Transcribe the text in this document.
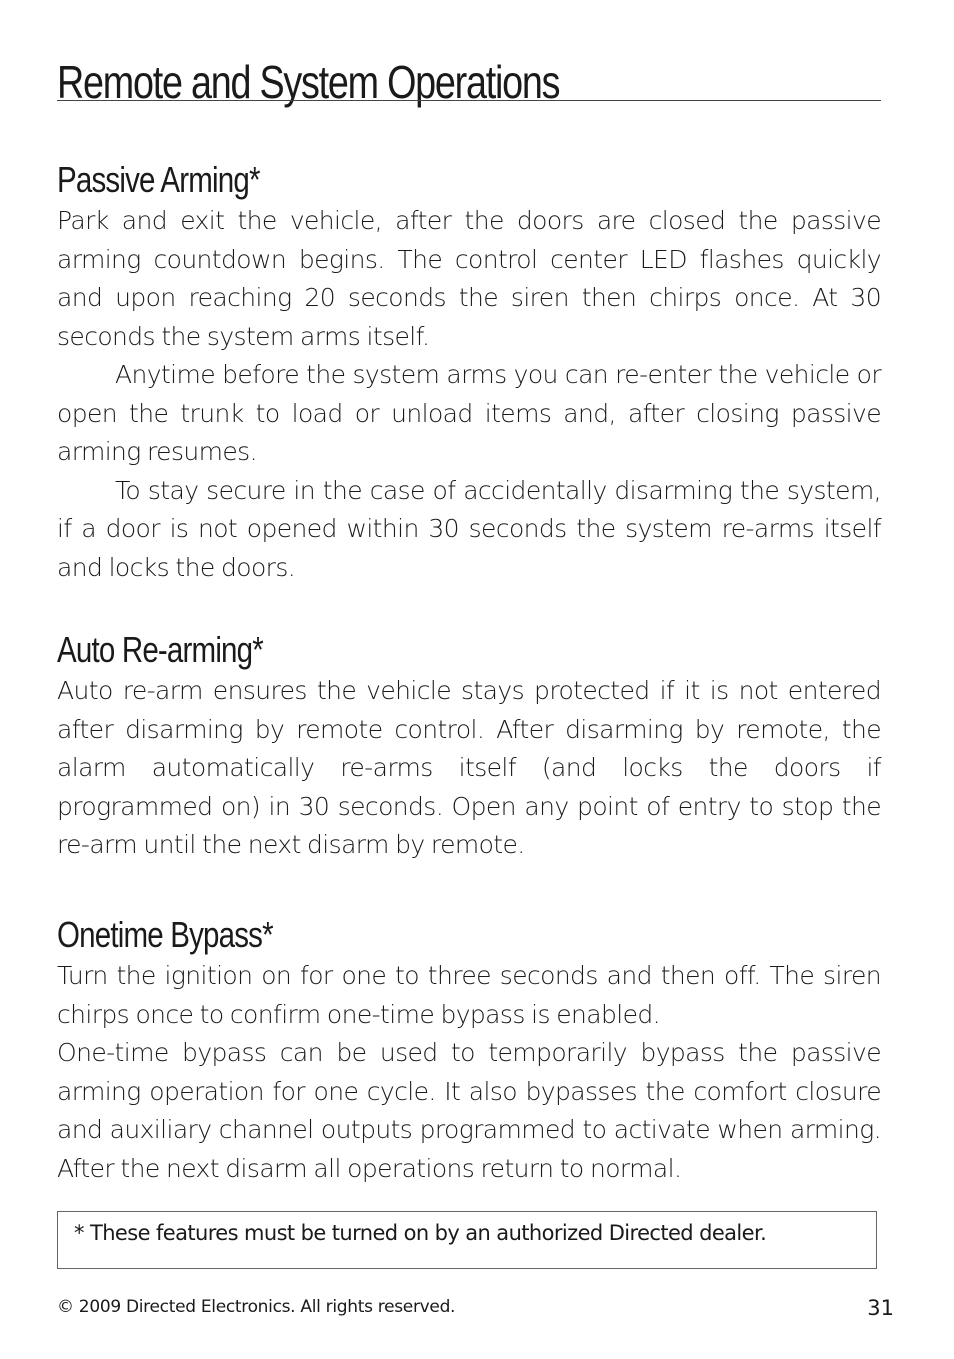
Remote and System Operations
Passive Arming*

Park and exit the vehicle, after the doors are closed the passive arming countdown begins. The control center LED flashes quickly and upon reaching 20 seconds the siren then chirps once. At 30 seconds the system arms itself.

Anytime before the system arms you can re-enter the vehicle or open the trunk to load or unload items and, after closing passive arming resumes.

To stay secure in the case of accidentally disarming the system, if a door is not opened within 30 seconds the system re-arms itself and locks the doors.

Auto Re-arming*

Auto re-arm ensures the vehicle stays protected if it is not entered after disarming by remote control. After disarming by remote, the alarm automatically re-arms itself (and locks the doors if programmed on) in 30 seconds. Open any point of entry to stop the re-arm until the next disarm by remote.

Onetime Bypass*

Turn the ignition on for one to three seconds and then off. The siren chirps once to confirm one-time bypass is enabled.

One-time bypass can be used to temporarily bypass the passive arming operation for one cycle. It also bypasses the comfort closure and auxiliary channel outputs programmed to activate when arming. After the next disarm all operations return to normal.

* These features must be turned on by an authorized Directed dealer.
© 2009 Directed Electronics. All rights reserved.	31
